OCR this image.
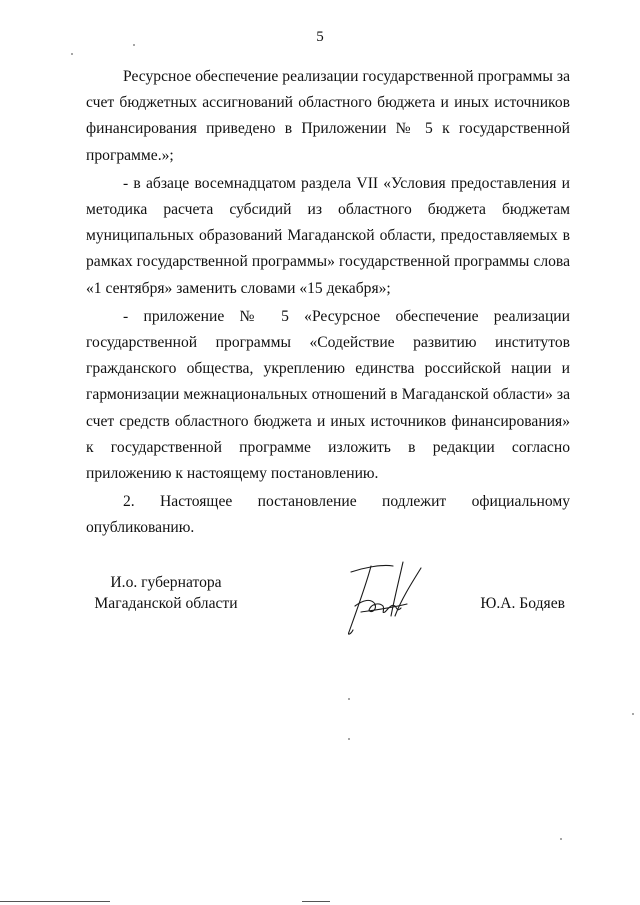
5

Ресурсное обеспечение реализации государственной программы за счет бюджетных ассигнований областного бюджета и иных источников финансирования приведено в Приложении № 5 к государственной программе.»;

- в абзаце восемнадцатом раздела VII «Условия предоставления и методика расчета субсидий из областного бюджета бюджетам муниципальных образований Магаданской области, предоставляемых в рамках государственной программы» государственной программы слова «1 сентября» заменить словами «15 декабря»;

- приложение № 5 «Ресурсное обеспечение реализации государственной программы «Содействие развитию институтов гражданского общества, укреплению единства российской нации и гармонизации межнациональных отношений в Магаданской области» за счет средств областного бюджета и иных источников финансирования» к государственной программе изложить в редакции согласно приложению к настоящему постановлению.

2. Настоящее постановление подлежит официальному опубликованию.

И.о. губернатора
Магаданской области	Ю.А. Бодяев
